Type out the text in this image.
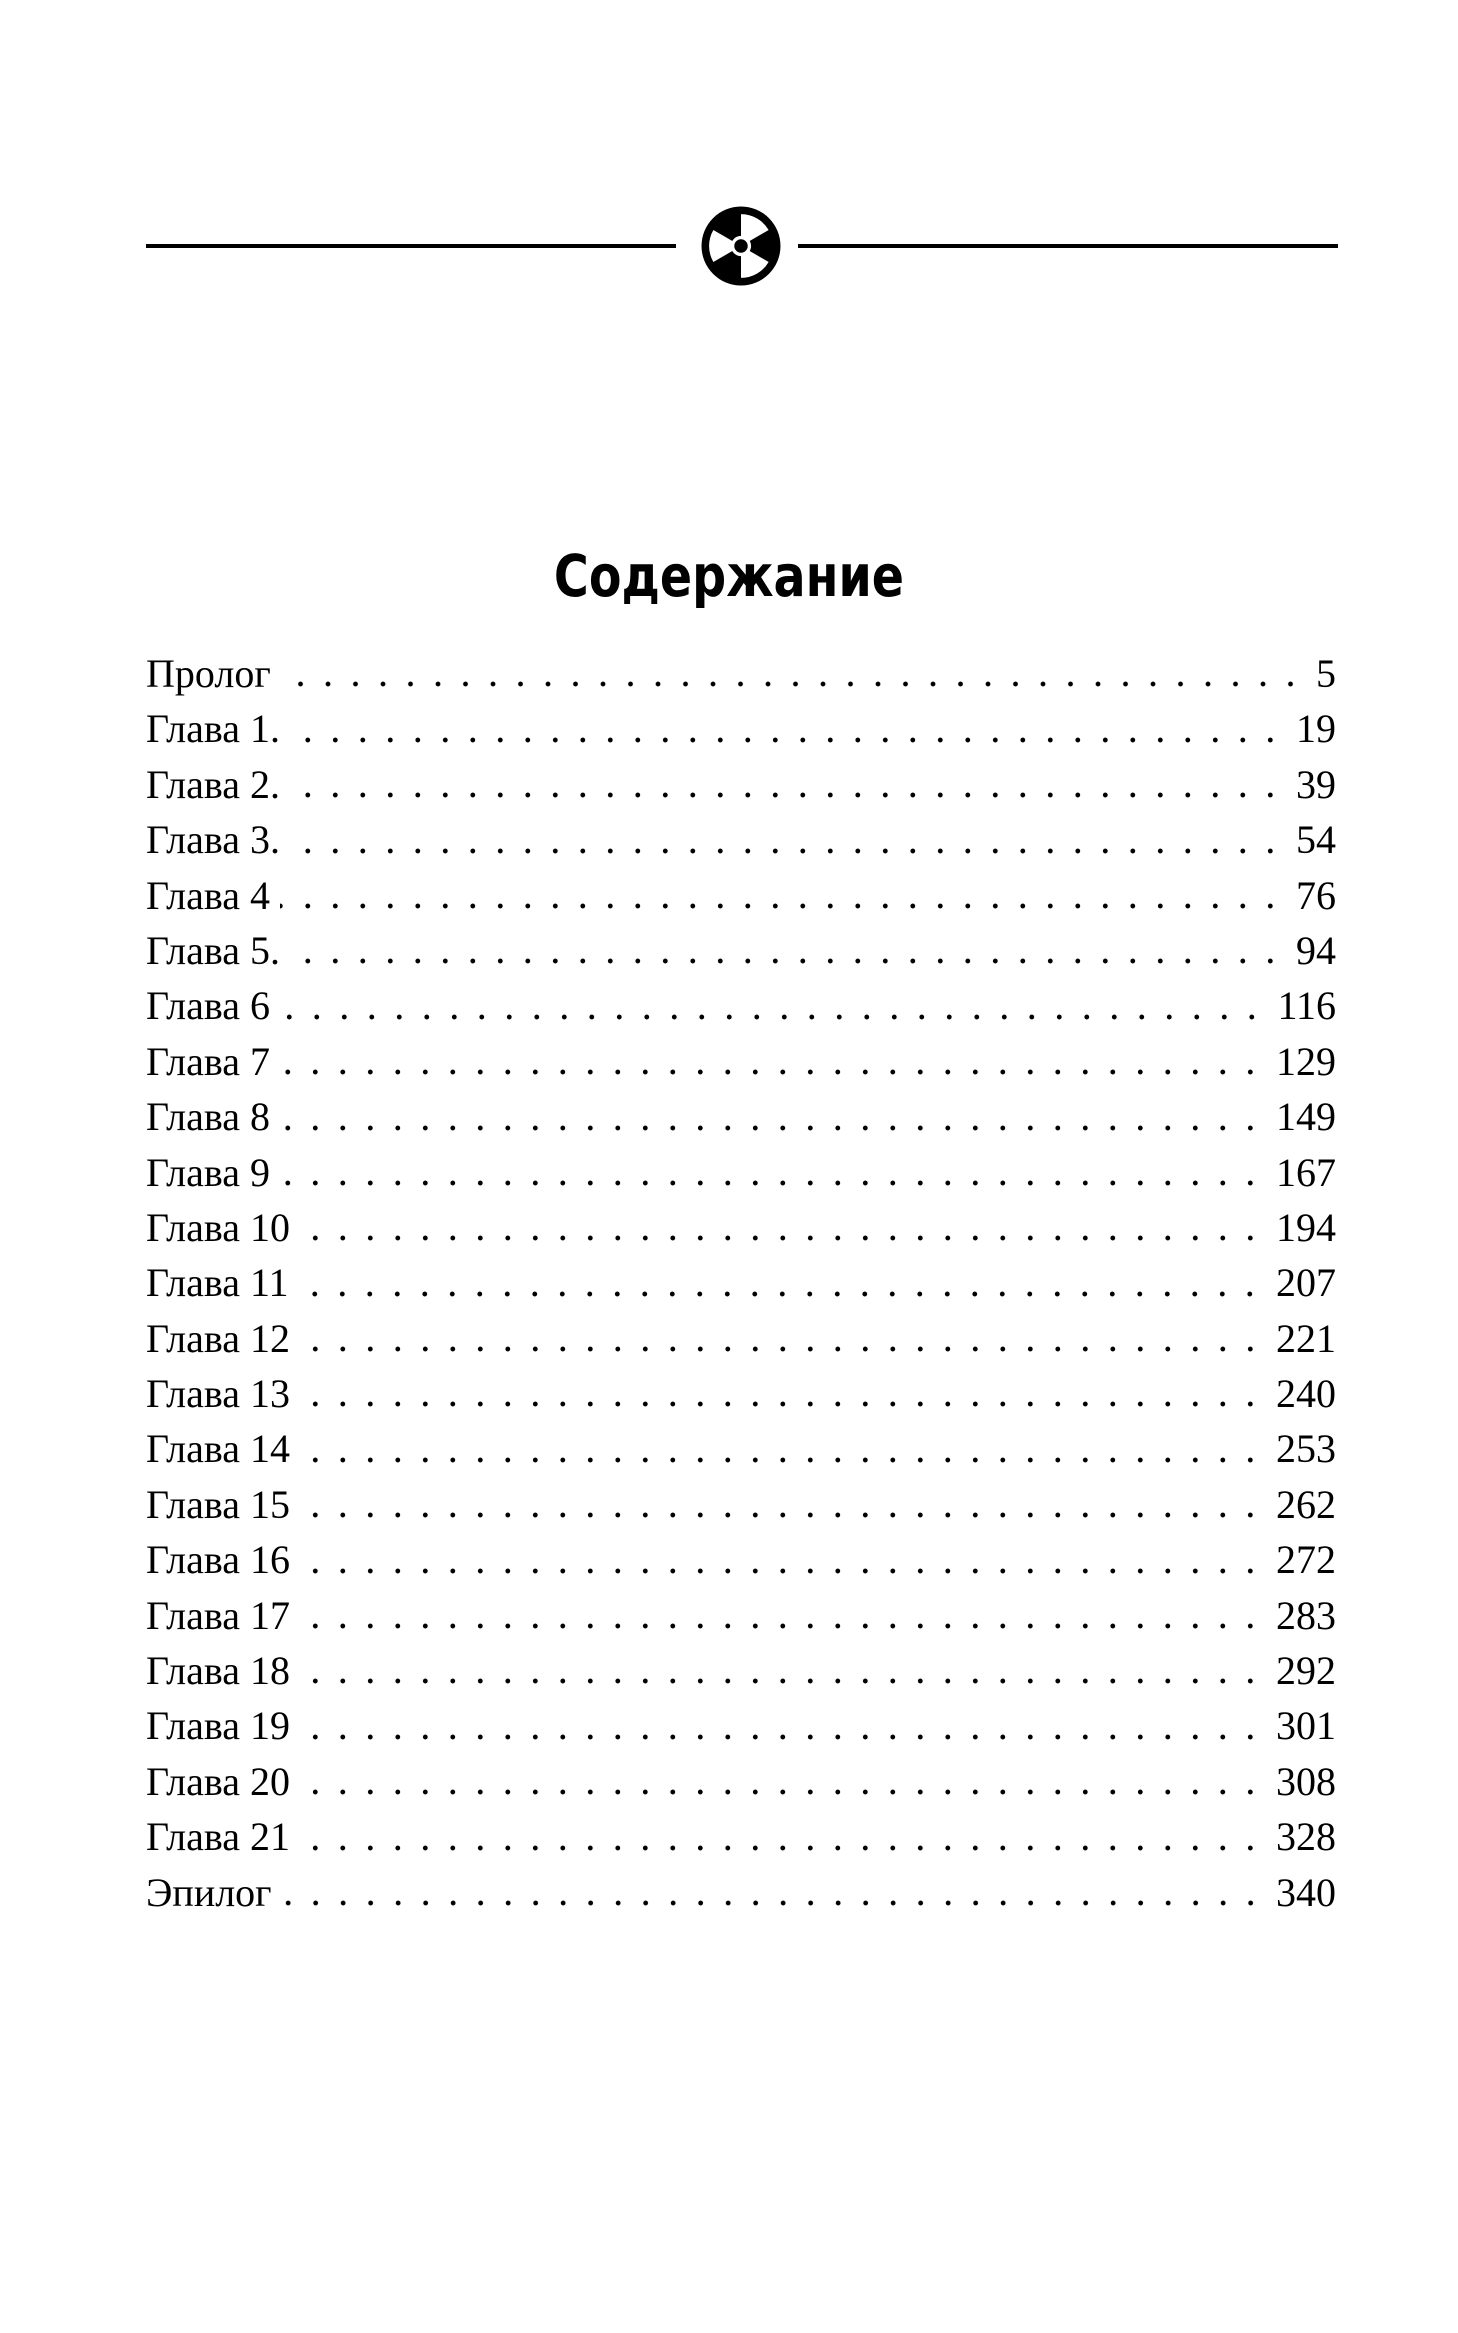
Содержание
Пролог	5
Глава 1.	19
Глава 2.	39
Глава 3.	54
Глава 4	76
Глава 5.	94
Глава 6	116
Глава 7	129
Глава 8	149
Глава 9	167
Глава 10	194
Глава 11	207
Глава 12	221
Глава 13	240
Глава 14	253
Глава 15	262
Глава 16	272
Глава 17	283
Глава 18	292
Глава 19	301
Глава 20	308
Глава 21	328
Эпилог	340
